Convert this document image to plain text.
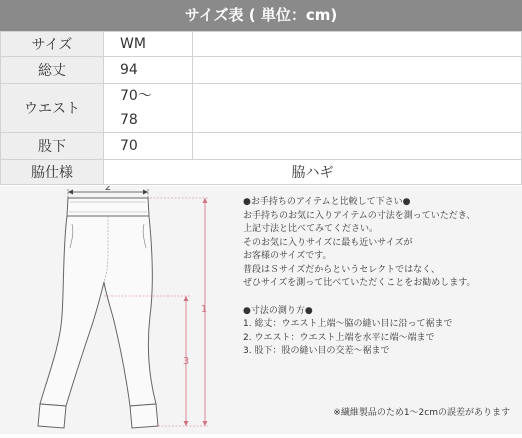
サイズ表 ( 単位：cm)
サイズ	WM	
総丈	94	
ウエスト	70〜
78	

股下	70	
脇仕様	脇ハギ	
2
1
3

●お手持ちのアイテムと比較して下さい●

お手持ちのお気に入りアイテムの寸法を測っていただき、

上記寸法と比べてみてください。

そのお気に入りサイズに最も近いサイズが

お客様のサイズです。

普段はＳサイズだからというセレクトではなく、

ぜひサイズを測って比べていただくことをお勧めします。

●寸法の測り方●

1. 総丈：ウエスト上端〜脇の縫い目に沿って裾まで

2. ウエスト：ウエスト上端を水平に端〜端まで

3. 股下：股の縫い目の交差〜裾まで

※繊維製品のため1〜2cmの誤差があります
